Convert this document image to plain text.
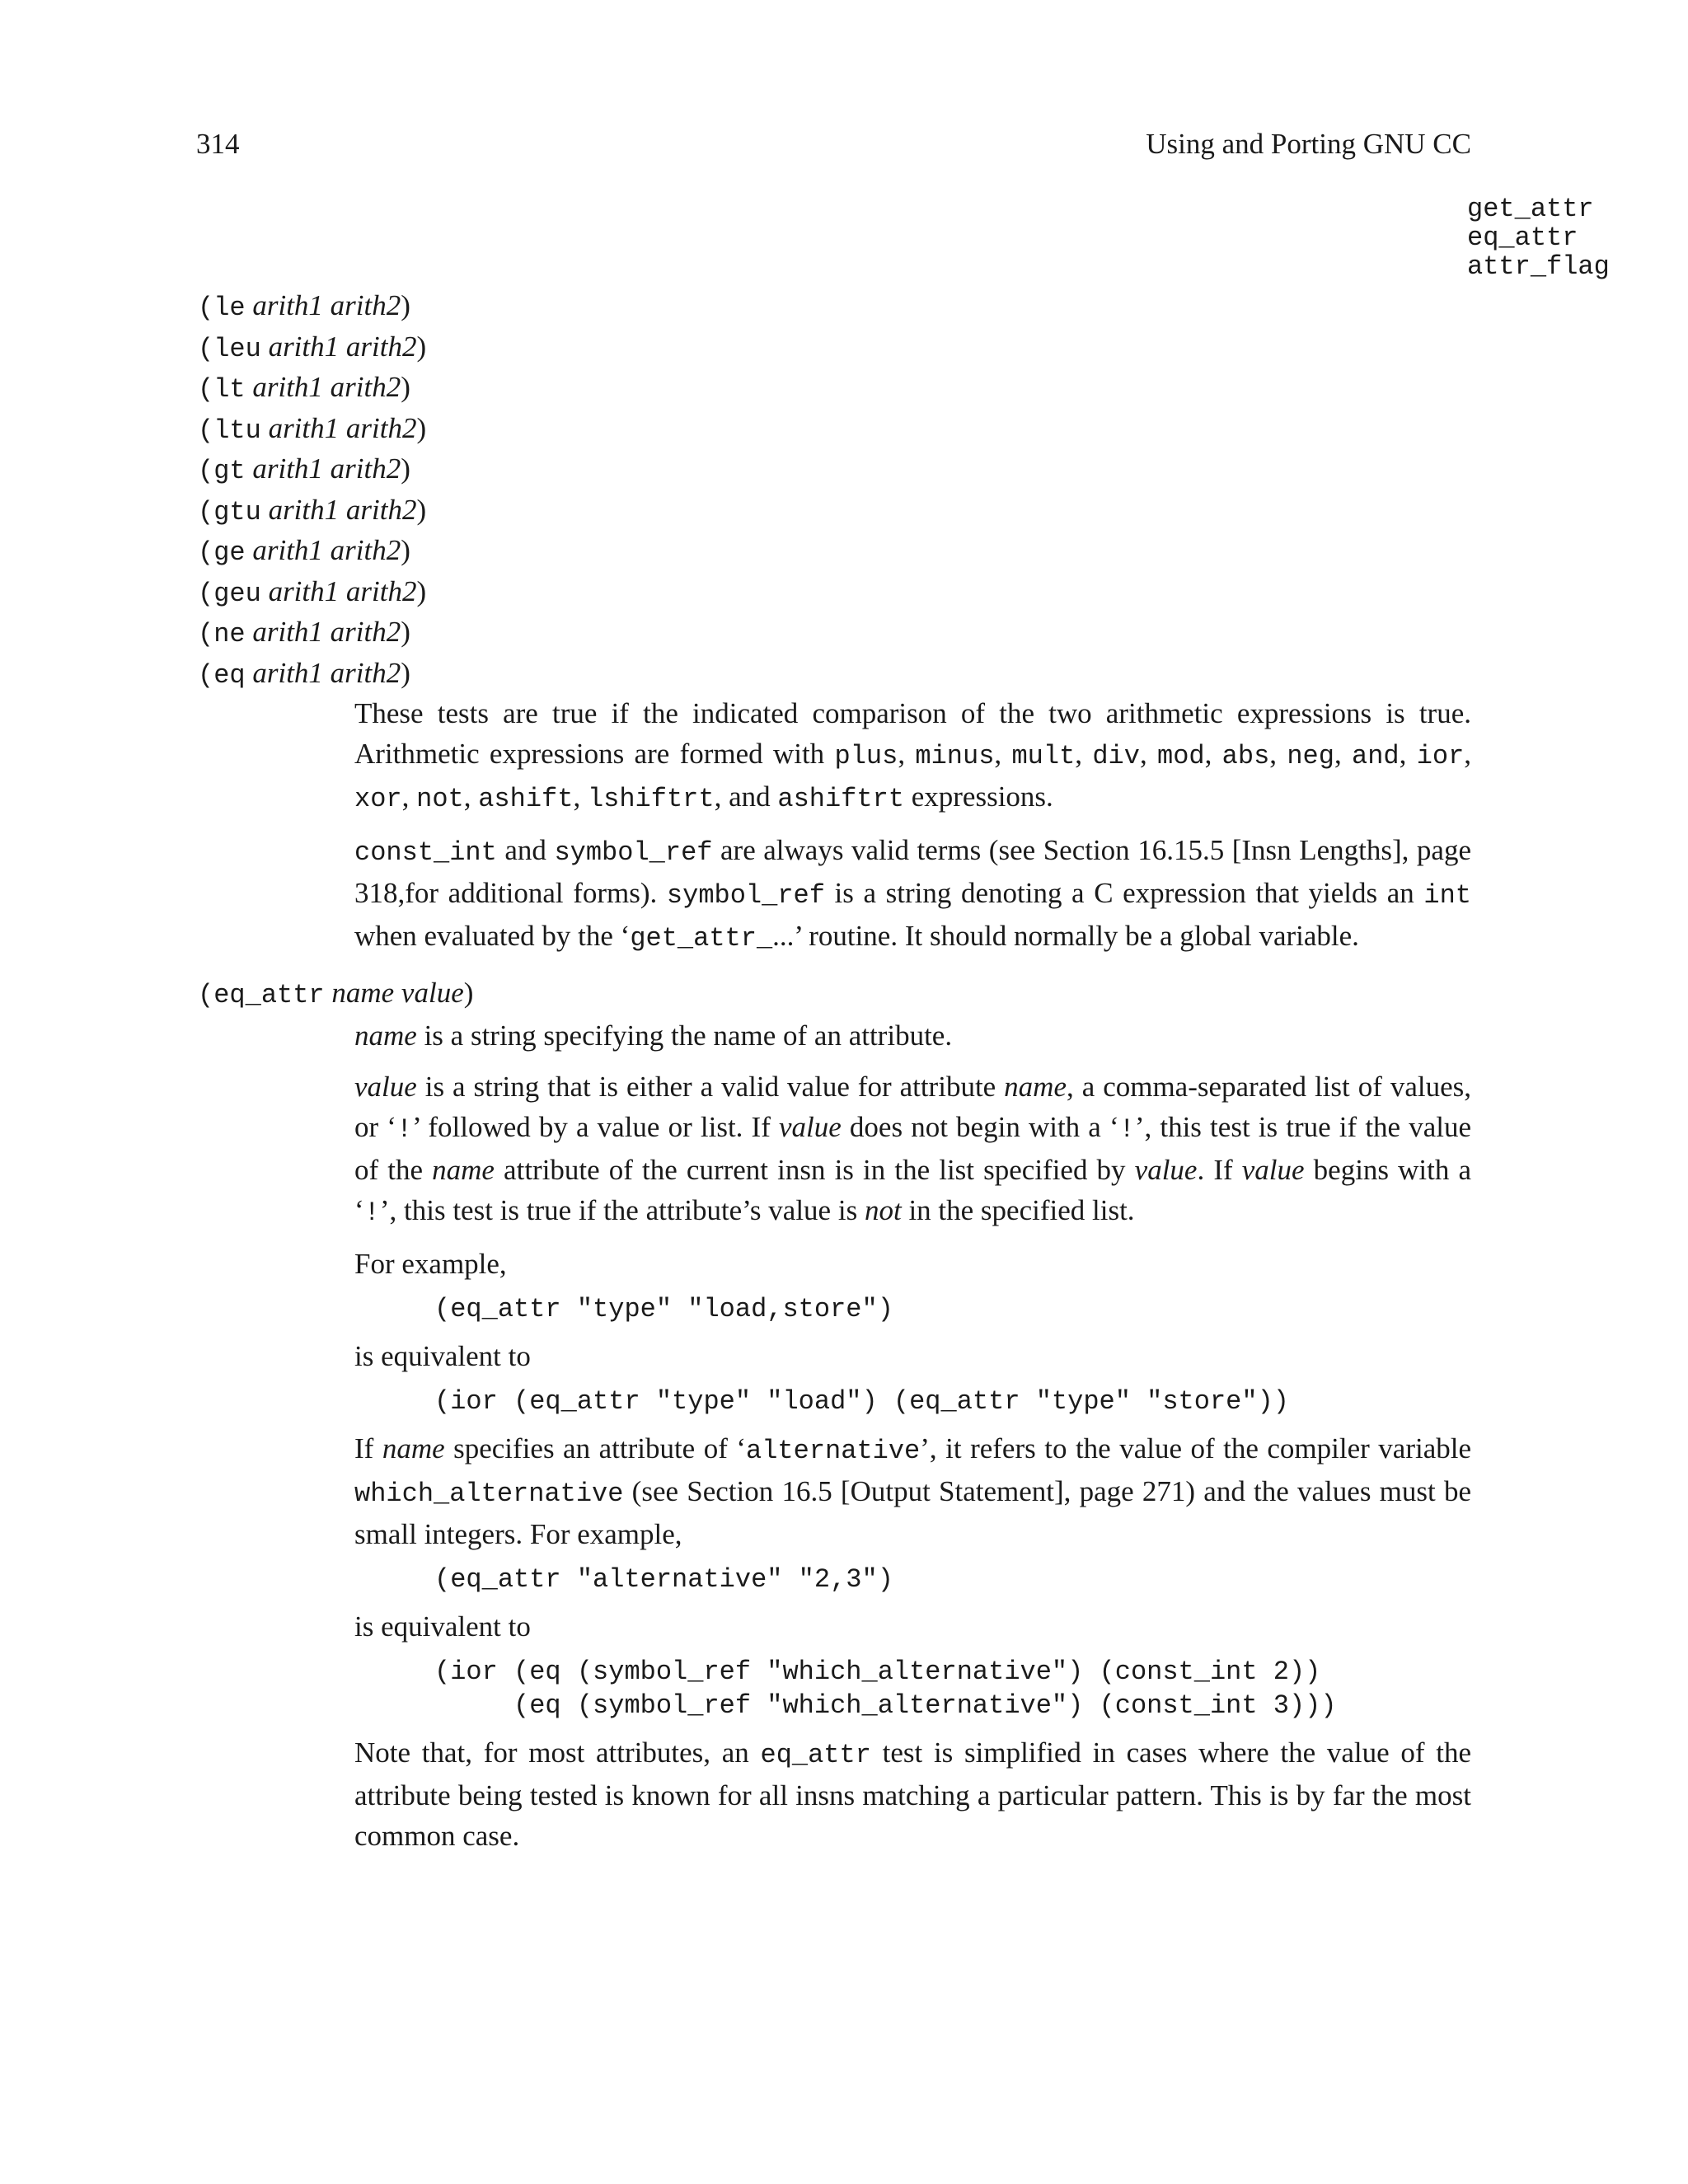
314	Using and Porting GNU CC
get_attr
eq_attr
attr_flag
(le arith1 arith2)
(leu arith1 arith2)
(lt arith1 arith2)
(ltu arith1 arith2)
(gt arith1 arith2)
(gtu arith1 arith2)
(ge arith1 arith2)
(geu arith1 arith2)
(ne arith1 arith2)
(eq arith1 arith2)

These tests are true if the indicated comparison of the two arithmetic expressions is true. Arithmetic expressions are formed with plus, minus, mult, div, mod, abs, neg, and, ior, xor, not, ashift, lshiftrt, and ashiftrt expressions.

const_int and symbol_ref are always valid terms (see Section 16.15.5 [Insn Lengths], page 318,for additional forms). symbol_ref is a string denoting a C expression that yields an int when evaluated by the ‘get_attr_...’ routine. It should normally be a global variable.

(eq_attr name value)

name is a string specifying the name of an attribute.

value is a string that is either a valid value for attribute name, a comma-separated list of values, or ‘!’ followed by a value or list. If value does not begin with a ‘!’, this test is true if the value of the name attribute of the current insn is in the list specified by value. If value begins with a ‘!’, this test is true if the attribute’s value is not in the specified list.

For example,

(eq_attr "type" "load,store")

is equivalent to

(ior (eq_attr "type" "load") (eq_attr "type" "store"))

If name specifies an attribute of ‘alternative’, it refers to the value of the compiler variable which_alternative (see Section 16.5 [Output Statement], page 271) and the values must be small integers. For example,

(eq_attr "alternative" "2,3")

is equivalent to

(ior (eq (symbol_ref "which_alternative") (const_int 2))
(eq (symbol_ref "which_alternative") (const_int 3)))

Note that, for most attributes, an eq_attr test is simplified in cases where the value of the attribute being tested is known for all insns matching a particular pattern. This is by far the most common case.
